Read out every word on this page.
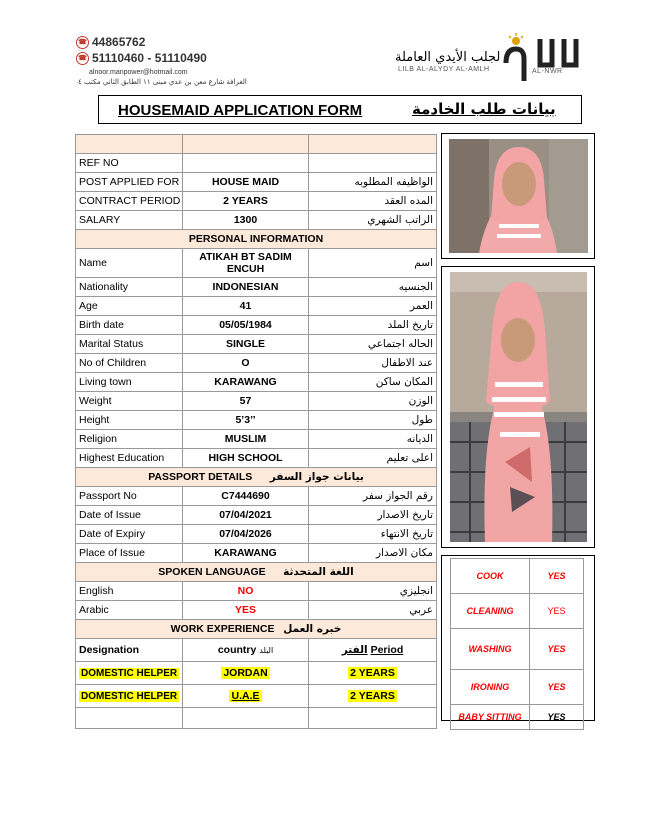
☎ 44865762
☎ 51110460 - 51110490
alnoor.manpower@hotmail.com
الغرافة شارع معن بن عدي مبنى ١١ الطابق الثاني مكتب ٤
لجلب الأيدي العاملة
LILB AL-ALYDY AL-AMLH	AL-NWR
HOUSEMAID APPLICATION FORM	بيانات طلب الخادمة

REF NO		
POST APPLIED FOR	HOUSE MAID	الواظيفه المطلوبه
CONTRACT PERIOD	2 YEARS	المده العقد
SALARY	1300	الراتب الشهري
PERSONAL INFORMATION		
Name	ATIKAH BT SADIM ENCUH	اسم
Nationality	INDONESIAN	الجنسيه
Age	41	العمر
Birth date	05/05/1984	تاريخ الملد
Marital Status	SINGLE	الحاله اجتماعي
No of Children	O	عند الاطفال
Living town	KARAWANG	المكان ساكن
Weight	57	الوزن
Height	5’3’’	طول
Religion	MUSLIM	الديانه
Highest Education	HIGH SCHOOL	اعلى تعليم
PASSPORT DETAILS بيانات جواز السفر		
Passport No	C7444690	رقم الجواز سفر
Date of Issue	07/04/2021	تاريخ الاصدار
Date of Expiry	07/04/2026	تاريخ الانتهاء
Place of Issue	KARAWANG	مكان الاصدار
SPOKEN LANGUAGE اللغة المتحدثة		
English	NO	انجليزي
Arabic	YES	عربي
WORK EXPERIENCE خبره العمل		
Designation	country البلد	الفتر Period
DOMESTIC HELPER	JORDAN	2 YEARS
DOMESTIC HELPER	U.A.E	2 YEARS

COOK	YES
CLEANING	YES
WASHING	YES
IRONING	YES
BABY SITTING	YES
